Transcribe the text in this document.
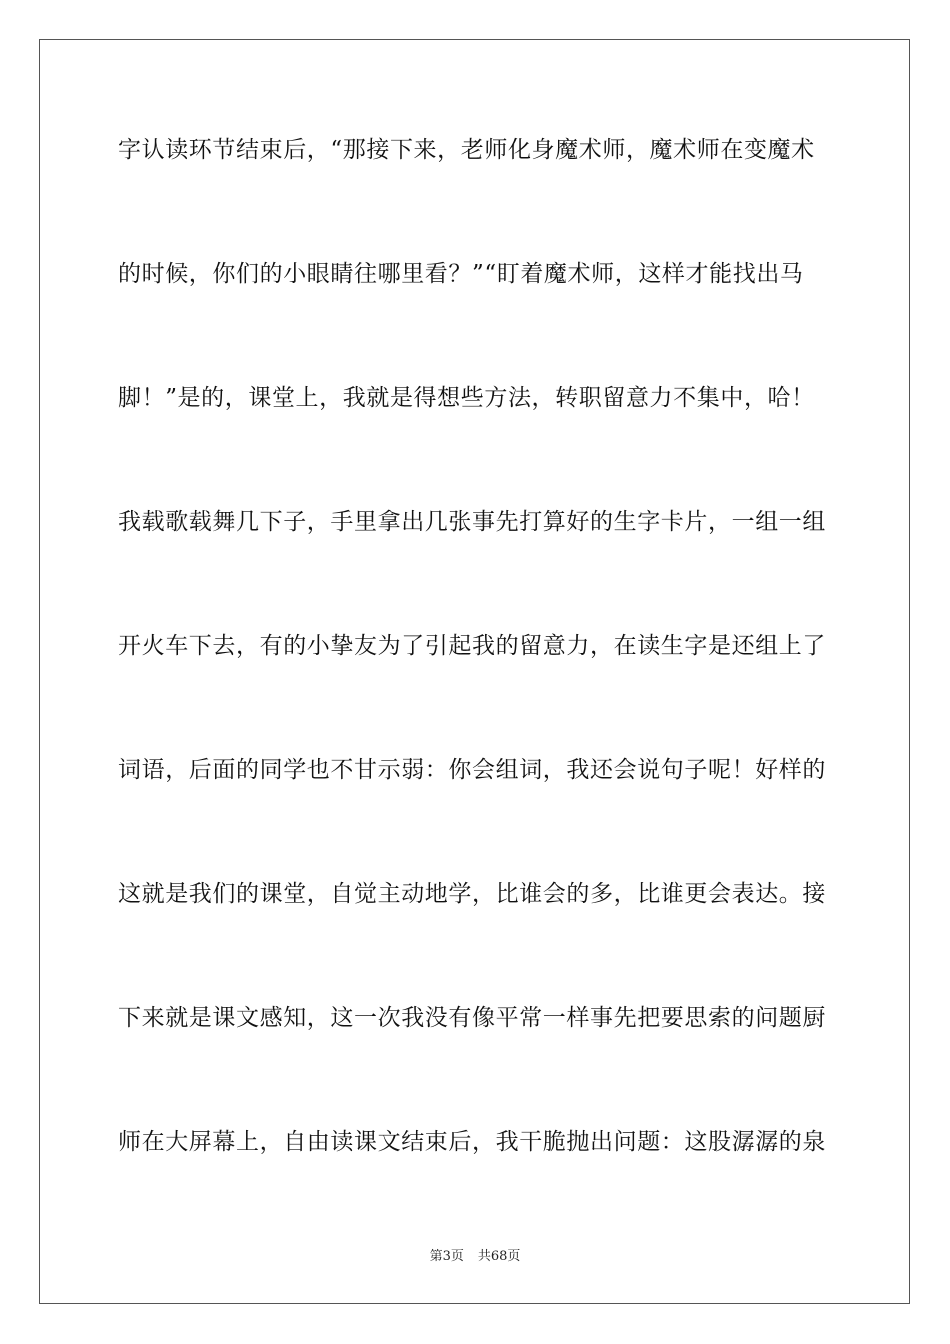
字认读环节结束后，“那接下来，老师化身魔术师，魔术师在变魔术
的时候，你们的小眼睛往哪里看？”“盯着魔术师，这样才能找出马
脚！”是的，课堂上，我就是得想些方法，转职留意力不集中，哈！
我载歌载舞几下子，手里拿出几张事先打算好的生字卡片，一组一组
开火车下去，有的小挚友为了引起我的留意力，在读生字是还组上了
词语，后面的同学也不甘示弱：你会组词，我还会说句子呢！好样的
这就是我们的课堂，自觉主动地学，比谁会的多，比谁更会表达。接
下来就是课文感知，这一次我没有像平常一样事先把要思索的问题厨
师在大屏幕上，自由读课文结束后，我干脆抛出问题：这股潺潺的泉
第3页 共68页
